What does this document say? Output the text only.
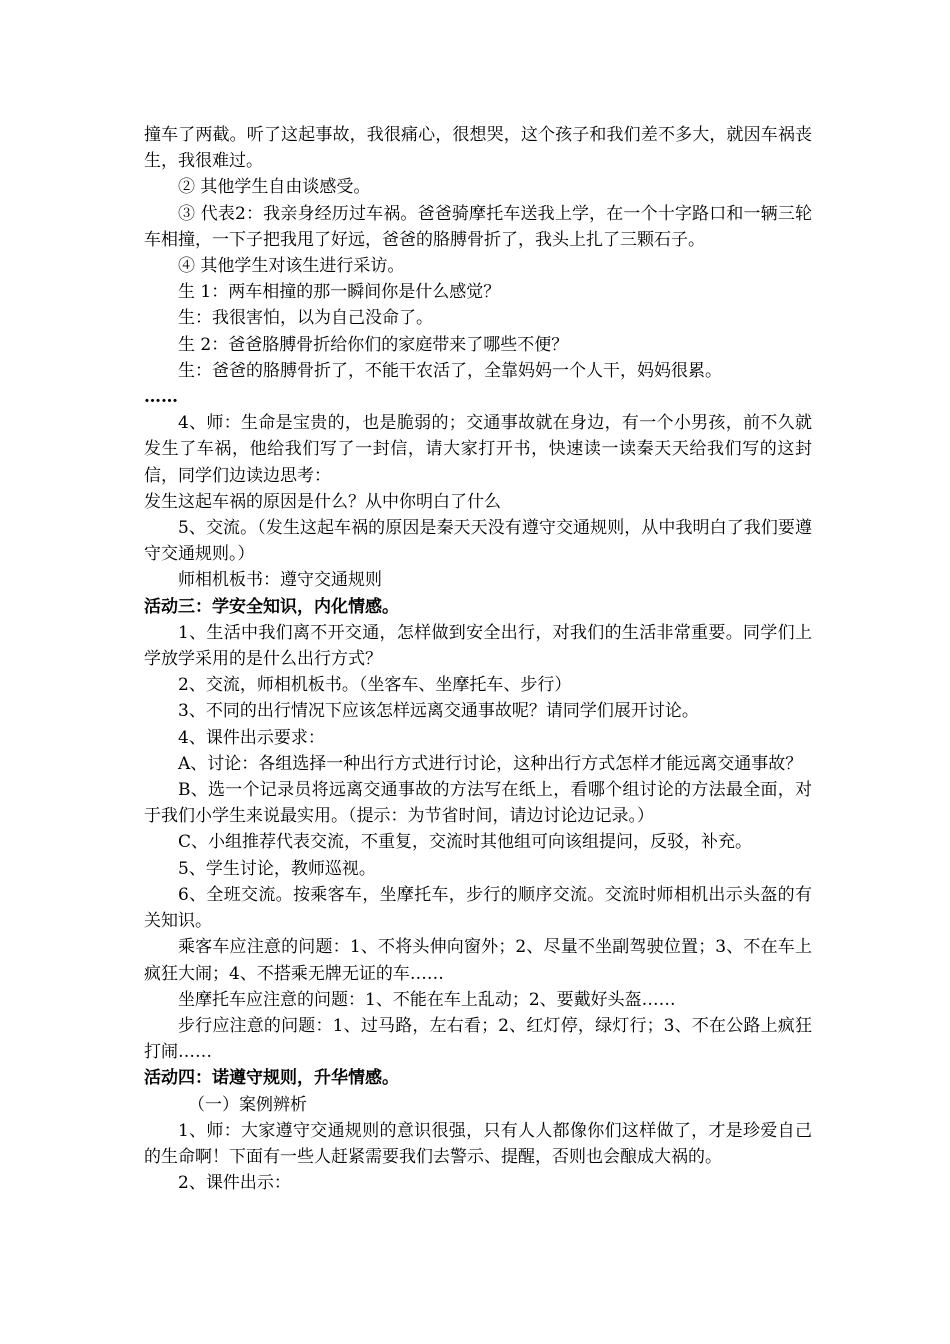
撞车了两截。听了这起事故，我很痛心，很想哭，这个孩子和我们差不多大，就因车祸丧生，我很难过。

② 其他学生自由谈感受。

③ 代表2：我亲身经历过车祸。爸爸骑摩托车送我上学，在一个十字路口和一辆三轮车相撞，一下子把我甩了好远，爸爸的胳膊骨折了，我头上扎了三颗石子。

④ 其他学生对该生进行采访。

生 1：两车相撞的那一瞬间你是什么感觉？

生：我很害怕，以为自己没命了。

生 2：爸爸胳膊骨折给你们的家庭带来了哪些不便？

生：爸爸的胳膊骨折了，不能干农活了，全靠妈妈一个人干，妈妈很累。

……

4、师：生命是宝贵的，也是脆弱的；交通事故就在身边，有一个小男孩，前不久就发生了车祸，他给我们写了一封信，请大家打开书，快速读一读秦天天给我们写的这封信，同学们边读边思考：

发生这起车祸的原因是什么？从中你明白了什么

5、交流。（发生这起车祸的原因是秦天天没有遵守交通规则，从中我明白了我们要遵守交通规则。）

师相机板书：遵守交通规则

活动三：学安全知识，内化情感。

1、生活中我们离不开交通，怎样做到安全出行，对我们的生活非常重要。同学们上学放学采用的是什么出行方式？

2、交流，师相机板书。（坐客车、坐摩托车、步行）

3、不同的出行情况下应该怎样远离交通事故呢？请同学们展开讨论。

4、课件出示要求：

A、讨论：各组选择一种出行方式进行讨论，这种出行方式怎样才能远离交通事故？

B、选一个记录员将远离交通事故的方法写在纸上，看哪个组讨论的方法最全面，对于我们小学生来说最实用。（提示：为节省时间，请边讨论边记录。）

C、小组推荐代表交流，不重复，交流时其他组可向该组提问，反驳，补充。

5、学生讨论，教师巡视。

6、全班交流。按乘客车，坐摩托车，步行的顺序交流。交流时师相机出示头盔的有关知识。

乘客车应注意的问题：1、不将头伸向窗外；2、尽量不坐副驾驶位置；3、不在车上疯狂大闹；4、不搭乘无牌无证的车……

坐摩托车应注意的问题：1、不能在车上乱动；2、要戴好头盔……

步行应注意的问题：1、过马路，左右看；2、红灯停，绿灯行；3、不在公路上疯狂打闹……

活动四：诺遵守规则，升华情感。

（一）案例辨析

1、师：大家遵守交通规则的意识很强，只有人人都像你们这样做了，才是珍爱自己的生命啊！下面有一些人赶紧需要我们去警示、提醒，否则也会酿成大祸的。

2、课件出示：
